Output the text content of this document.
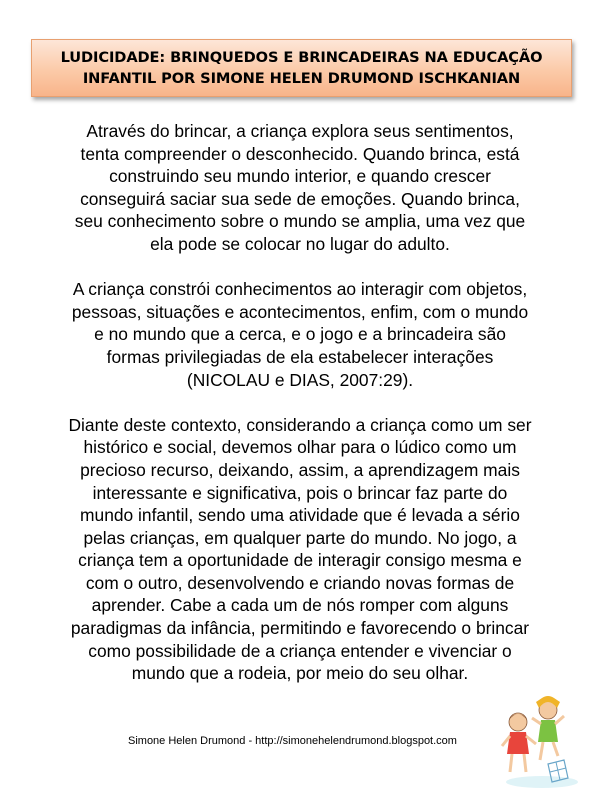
LUDICIDADE: BRINQUEDOS E BRINCADEIRAS NA EDUCAÇÃO
INFANTIL POR SIMONE HELEN DRUMOND ISCHKANIAN

Através do brincar, a criança explora seus sentimentos,
tenta compreender o desconhecido. Quando brinca, está
construindo seu mundo interior, e quando crescer
conseguirá saciar sua sede de emoções. Quando brinca,
seu conhecimento sobre o mundo se amplia, uma vez que
ela pode se colocar no lugar do adulto.

A criança constrói conhecimentos ao interagir com objetos,
pessoas, situações e acontecimentos, enfim, com o mundo
e no mundo que a cerca, e o jogo e a brincadeira são
formas privilegiadas de ela estabelecer interações
(NICOLAU e DIAS, 2007:29).

Diante deste contexto, considerando a criança como um ser
histórico e social, devemos olhar para o lúdico como um
precioso recurso, deixando, assim, a aprendizagem mais
interessante e significativa, pois o brincar faz parte do
mundo infantil, sendo uma atividade que é levada a sério
pelas crianças, em qualquer parte do mundo. No jogo, a
criança tem a oportunidade de interagir consigo mesma e
com o outro, desenvolvendo e criando novas formas de
aprender. Cabe a cada um de nós romper com alguns
paradigmas da infância, permitindo e favorecendo o brincar
como possibilidade de a criança entender e vivenciar o
mundo que a rodeia, por meio do seu olhar.

Simone Helen Drumond - http://simonehelendrumond.blogspot.com
